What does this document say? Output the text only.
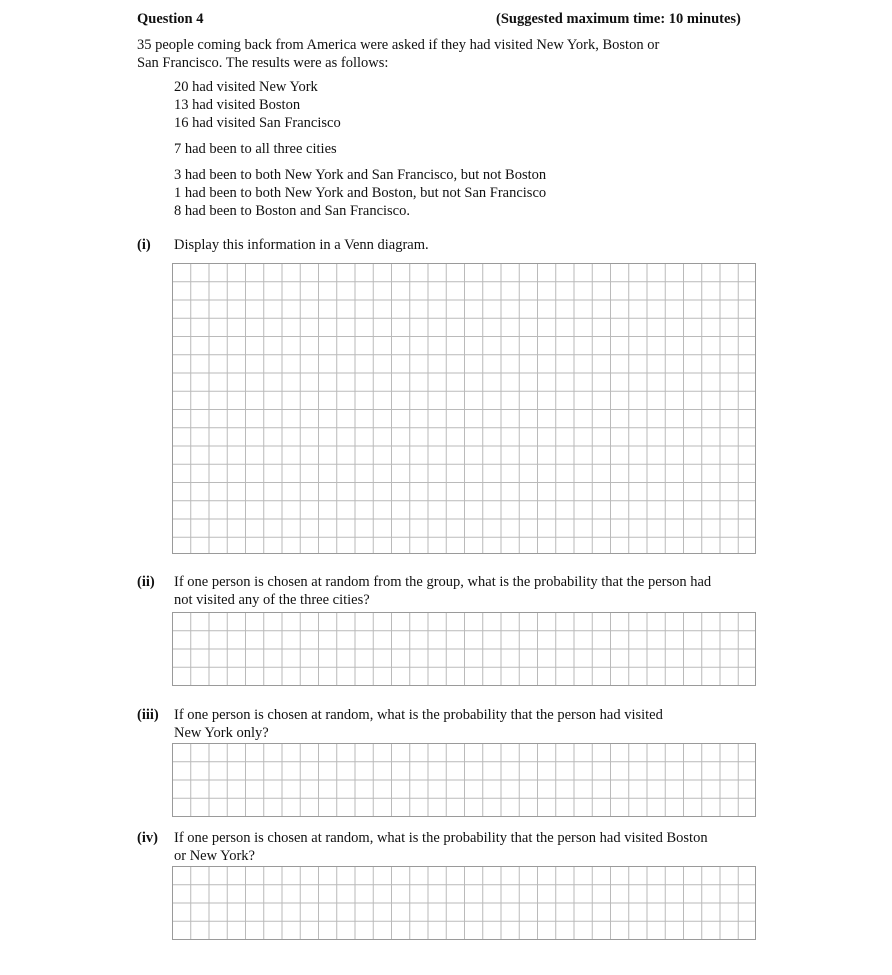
Question 4	(Suggested maximum time: 10 minutes)
35 people coming back from America were asked if they had visited New York, Boston or
San Francisco. The results were as follows:
20 had visited New York
13 had visited Boston
16 had visited San Francisco
7 had been to all three cities
3 had been to both New York and San Francisco, but not Boston
1 had been to both New York and Boston, but not San Francisco
8 had been to Boston and San Francisco.
(i) Display this information in a Venn diagram.
(ii) If one person is chosen at random from the group, what is the probability that the person had
not visited any of the three cities?
(iii) If one person is chosen at random, what is the probability that the person had visited
New York only?
(iv) If one person is chosen at random, what is the probability that the person had visited Boston
or New York?
